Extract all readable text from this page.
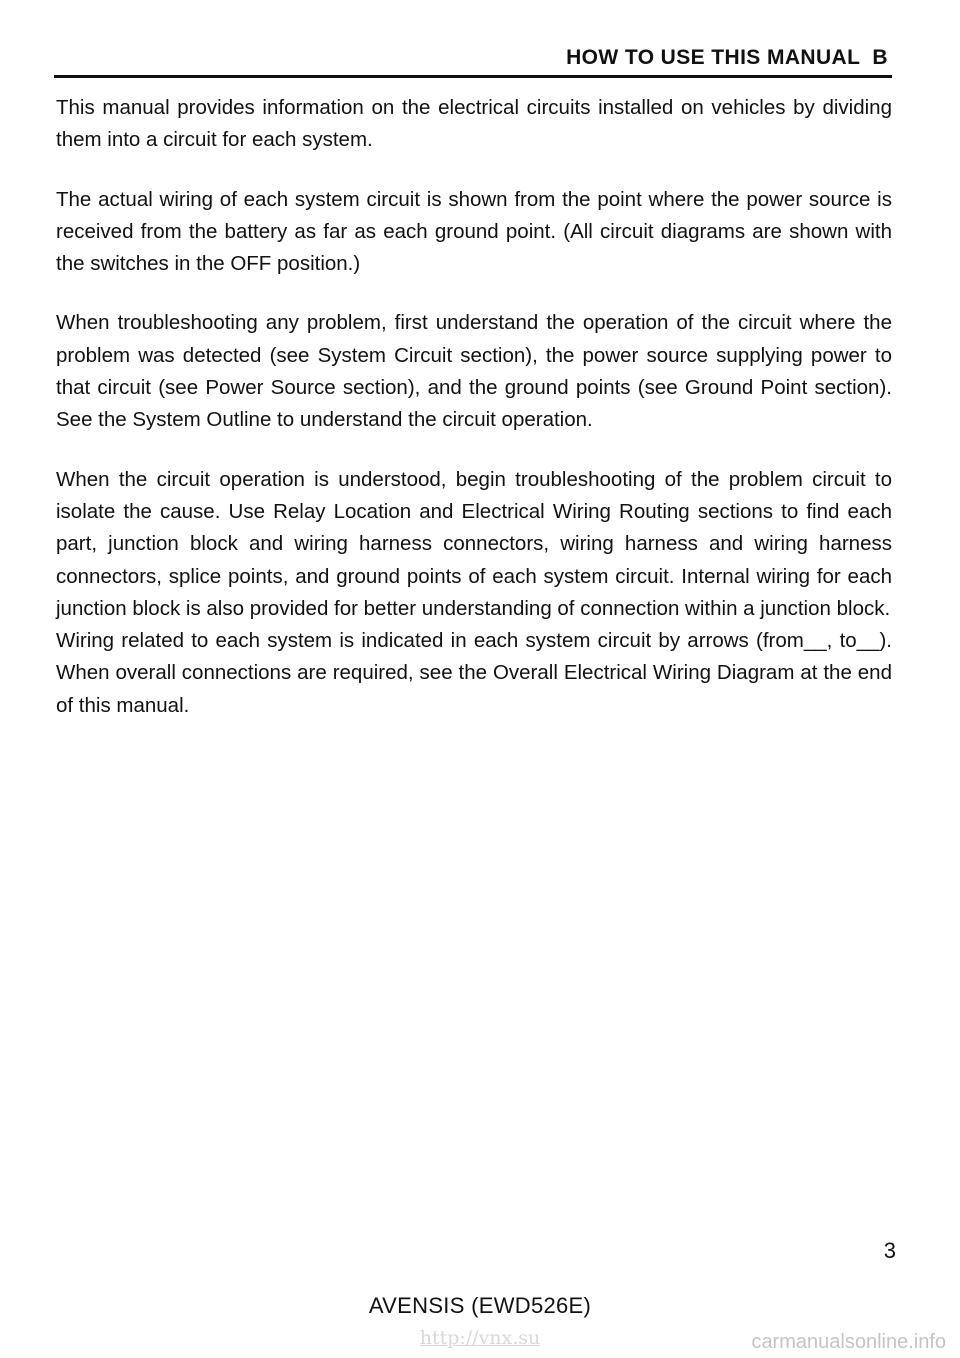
HOW TO USE THIS MANUAL  B

This manual provides information on the electrical circuits installed on vehicles by dividing them into a circuit for each system.

The actual wiring of each system circuit is shown from the point where the power source is received from the battery as far as each ground point. (All circuit diagrams are shown with the switches in the OFF position.)

When troubleshooting any problem, first understand the operation of the circuit where the problem was detected (see System Circuit section), the power source supplying power to that circuit (see Power Source section), and the ground points (see Ground Point section). See the System Outline to understand the circuit operation.

When the circuit operation is understood, begin troubleshooting of the problem circuit to isolate the cause. Use Relay Location and Electrical Wiring Routing sections to find each part, junction block and wiring harness connectors, wiring harness and wiring harness connectors, splice points, and ground points of each system circuit. Internal wiring for each junction block is also provided for better understanding of connection within a junction block.

Wiring related to each system is indicated in each system circuit by arrows (from__, to__). When overall connections are required, see the Overall Electrical Wiring Diagram at the end of this manual.

3
AVENSIS (EWD526E)
http://vnx.su	carmanualsonline.info
